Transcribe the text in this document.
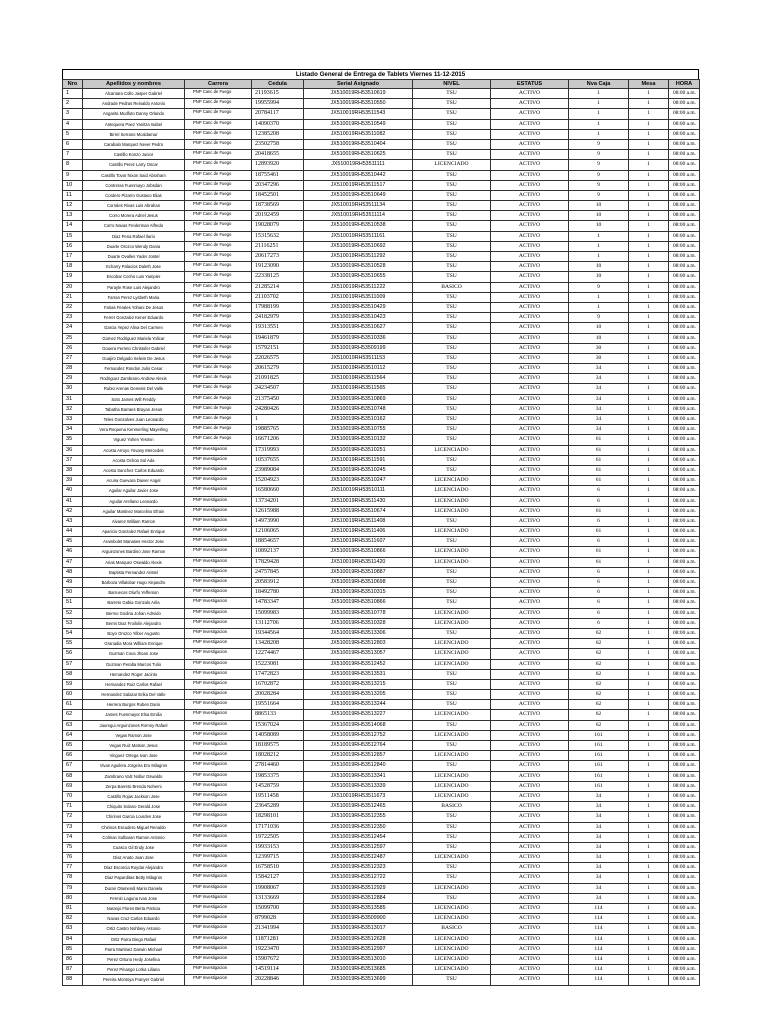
Listado General de Entrega de Tablets Viernes 11-12-2015
Nro	Apellidos y nombres	Carrera	Cedula	Serial Asignado	NIVEL	ESTATUS	Nva Caja	Mesa	HORA
1	Alcantara Collo Jasper Gabriel	PNP Canc de Fuego	21193615	JX510019RH53510619	TSU	ACTIVO	1	1	08:00 a.m.
2	Andrade Pedras Reinaldo Antonio	PNP Canc de Fuego	19955994	JX510019RH53510550	TSU	ACTIVO	1	1	08:00 a.m.
3	Angarita Mudfuto Danny Orlando	PNP Canc de Fuego	20784117	JX510019RH53511543	TSU	ACTIVO	1	1	08:00 a.m.
4	Antequera Paez Yanitza Isabel	PNP Canc de Fuego	14090370	JX510019RH53510549	TSU	ACTIVO	1	1	08:00 a.m.
5	Birrel Serrano Mcaldamar	PNP Canc de Fuego	12385208	JX510019RH53511082	TSU	ACTIVO	1	1	08:00 a.m.
6	Carabalo Marquez Never Pedro	PNP Canc de Fuego	23502758	JX510019RH53510404	TSU	ACTIVO	9	1	08:00 a.m.
7	Castillo Konzo Junior	PNP Canc de Fuego	20418655	JX510019RH53510625	TSU	ACTIVO	9	1	08:00 a.m.
8	Castillo Perez Larry Oscar	PNP Canc de Fuego	12893920	JX510019RH53511111	LICENCIADO	ACTIVO	9	1	08:00 a.m.
9	Castillo Tovar Nixon Said Abraham	PNP Canc de Fuego	18755461	JX510019RH53510442	TSU	ACTIVO	9	1	08:00 a.m.
10	Contreras Fuenmayo Jobsdan	PNP Canc de Fuego	20347296	JX510019RH53511517	TSU	ACTIVO	9	1	08:00 a.m.
11	Cordero Pizarro Gustavo Elias	PNP Canc de Fuego	18452501	JX510019RH53510649	TSU	ACTIVO	9	1	08:00 a.m.
12	Corrales Rivas Luis Abrahan	PNP Canc de Fuego	18738569	JX510019RH53511134	TSU	ACTIVO	10	1	08:00 a.m.
13	Corro Morera Adriel Jesus	PNP Canc de Fuego	20192459	JX510019RH53511114	TSU	ACTIVO	10	1	08:00 a.m.
14	Corro Navas Frederman Alfredo	PNP Canc de Fuego	19028079	JX510019RH53510538	TSU	ACTIVO	10	1	08:00 a.m.
15	Diaz Pena Rafael Ilario	PNP Canc de Fuego	15315632	JX510019RH53511161	TSU	ACTIVO	1	1	08:00 a.m.
16	Duarte Orozco Wendy Dania	PNP Canc de Fuego	21116251	JX510019RH53510692	TSU	ACTIVO	1	1	08:00 a.m.
17	Duarte Ovalles Yader Jostel	PNP Canc de Fuego	20617273	JX510019RH53511292	TSU	ACTIVO	1	1	08:00 a.m.
18	Echarry Palacios Daleth Jose	PNP Canc de Fuego	19123090	JX510019RH53510528	TSU	ACTIVO	10	1	08:00 a.m.
19	Escobar Cocho Luis Yampier	PNP Canc de Fuego	22338125	JX510019RH53510655	TSU	ACTIVO	10	1	08:00 a.m.
20	Parayle Rose Luis Alejandro	PNP Canc de Fuego	21285214	JX510019RH53511222	BASICO	ACTIVO	9	1	08:00 a.m.
21	Farran Perez Lysbeth Maria	PNP Canc de Fuego	21103702	JX510019RH53511009	TSU	ACTIVO	1	1	08:00 a.m.
22	Farias Ferales Yohani De Jesus	PNP Canc de Fuego	17988199	JX510019RH53510429	TSU	ACTIVO	1	1	08:00 a.m.
23	Ferrer Gonzalez Kener Eduardo	PNP Canc de Fuego	24182979	JX510019RH53510423	TSU	ACTIVO	9	1	08:00 a.m.
24	Garcia Yepez Alina Del Carmen	PNP Canc de Fuego	19313551	JX510019RH53510627	TSU	ACTIVO	10	1	08:00 a.m.
25	Gomez Rodriguez Mariela Yolicar	PNP Canc de Fuego	19461879	JX510019RH53510336	TSU	ACTIVO	10	1	08:00 a.m.
26	Gouera Ferreto Christofer Gabriel	PNP Canc de Fuego	15792151	JX510019RH53509199	TSU	ACTIVO	30	1	08:00 a.m.
27	Guajiro Delgado Selwin De Jesus	PNP Canc de Fuego	22026575	JX510019RH53511153	TSU	ACTIVO	30	1	08:00 a.m.
28	Fernandez Rondon Julio Cesar	PNP Canc de Fuego	20615279	JX510019RH53510112	TSU	ACTIVO	34	1	08:00 a.m.
29	Rodriguez Zambrano Andrew Alexis	PNP Canc de Fuego	21091825	JX510019RH53511564	TSU	ACTIVO	34	1	08:00 a.m.
30	Rubio Arenas Genesis Del Valle	PNP Canc de Fuego	24234507	JX510019RH53511565	TSU	ACTIVO	34	1	08:00 a.m.
31	Soto James Will Freddy	PNP Canc de Fuego	21375450	JX510019RH53510869	TSU	ACTIVO	34	1	08:00 a.m.
32	Tabatha Barraes Brayan Jesus	PNP Canc de Fuego	24280426	JX510019RH53510748	TSU	ACTIVO	34	1	08:00 a.m.
33	Teles Gonzalves Juan Leonardo	PNP Canc de Fuego	1	JX510019RH53510162	TSU	ACTIVO	34	1	08:00 a.m.
34	Vera Requena Kenmerling Mayerling	PNP Canc de Fuego	19885765	JX510019RH53510755	TSU	ACTIVO	34	1	08:00 a.m.
35	Viguez Yohen Yesmin	PNP Canc de Fuego	16671206	JX510019RH53510132	TSU	ACTIVO	61	1	08:00 a.m.
36	Acosta Arroyo Yovany Mercedes	PNP Investigacion	17319993	JX510019RH53510251	LICENCIADO	ACTIVO	61	1	08:00 a.m.
37	Acosta Ochoa Sol Ada	PNP Investigacion	10537655	JX510019RH53511591	TSU	ACTIVO	61	1	08:00 a.m.
38	Acosta Sanchez Carlos Eduardo	PNP Investigacion	23989084	JX510019RH53510245	TSU	ACTIVO	61	1	08:00 a.m.
39	Acuna Guevara Daiver Angel	PNP Investigacion	15204923	JX510019RH53510247	LICENCIADO	ACTIVO	61	1	08:00 a.m.
40	Aguilar Aguilar Javier Jose	PNP Investigacion	16580660	JX510019RH53510111	LICENCIADO	ACTIVO	6	1	08:00 a.m.
41	Aguilar Arellano Leonardo	PNP Investigacion	13734201	JX510019RH53511430	LICENCIADO	ACTIVO	6	1	08:00 a.m.
42	Aguilar Martinez Marcelino Efrain	PNP Investigacion	12615988	JX510019RH53510674	LICENCIADO	ACTIVO	61	1	08:00 a.m.
43	Alvarez William Ramon	PNP Investigacion	14973990	JX510019RH53511408	TSU	ACTIVO	6	1	08:00 a.m.
44	Aparicio Gonzalez Rafael Enrique	PNP Investigacion	12106065	JX510019RH53511406	LICENCIADO	ACTIVO	61	1	08:00 a.m.
45	Arambulet Manases Hector Jose	PNP Investigacion	18854657	JX510019RH53511607	TSU	ACTIVO	6	1	08:00 a.m.
46	Arguinzones Bardino Jose Ramon	PNP Investigacion	10892137	JX510019RH53510866	LICENCIADO	ACTIVO	61	1	08:00 a.m.
47	Arias Marquez Oswaldo Alexis	PNP Investigacion	17829428	JX510019RH53511420	LICENCIADO	ACTIVO	61	1	08:00 a.m.
48	Baptista Fernandez Aristel	PNP Investigacion	24757845	JX510019RH53510887	TSU	ACTIVO	6	1	08:00 a.m.
49	Barboza Villalobar Hugo Alejandro	PNP Investigacion	20583912	JX510019RH53510698	TSU	ACTIVO	6	1	08:00 a.m.
50	Barruecos Olurfo Yefferson	PNP Investigacion	18492780	JX510019RH53510315	TSU	ACTIVO	6	1	08:00 a.m.
51	Barreto Gabia Gonzalo Arila	PNP Investigacion	14783347	JX510019RH53510866	TSU	ACTIVO	6	1	08:00 a.m.
52	Bermo Godina Johan Adrvido	PNP Investigacion	15099983	JX510019RH53510778	LICENCIADO	ACTIVO	6	1	08:00 a.m.
53	Bermi Diaz Froilolin Alejandro	PNP Investigacion	13112706	JX510019RH53510328	LICENCIADO	ACTIVO	6	1	08:00 a.m.
54	Boyo Orozco Yilber Augusto	PNP Investigacion	19344564	JX510019RH53513306	TSU	ACTIVO	62	1	08:00 a.m.
55	Granadia Mora William Enrique	PNP Investigacion	13428208	JX510019RH53512803	LICENCIADO	ACTIVO	62	1	08:00 a.m.
56	Guzman Cova Jhoan Jose	PNP Investigacion	12274467	JX510019RH53513057	LICENCIADO	ACTIVO	62	1	08:00 a.m.
57	Guzman Peralta Marcos Tulio	PNP Investigacion	15223081	JX510019RH53512452	LICENCIADO	ACTIVO	62	1	08:00 a.m.
58	Hernandez Roger Jacinto	PNP Investigacion	17472823	JX510019RH53513531	TSU	ACTIVO	62	1	08:00 a.m.
59	Hernandez Ruiz Carlos Rafael	PNP Investigacion	16702872	JX510019RH53513215	TSU	ACTIVO	62	1	08:00 a.m.
60	Hernandez Salazar Erika Del Valle	PNP Investigacion	20028284	JX510019RH53513205	TSU	ACTIVO	62	1	08:00 a.m.
61	Herrera Burgos Ruben Dario	PNP Investigacion	19551664	JX510019RH53513244	TSU	ACTIVO	62	1	08:00 a.m.
62	James Fuenmayor Elsa Emilia	PNP Investigacion	8865133	JX510019RH53513227	LICENCIADO	ACTIVO	62	1	08:00 a.m.
63	Jauregui Arguinzones Romny Rafael	PNP Investigacion	15367024	JX510019RH53514068	TSU	ACTIVO	62	1	08:00 a.m.
64	Vegas Ramon Jose	PNP Investigacion	14058089	JX510019RH53512752	LICENCIADO	ACTIVO	161	1	08:00 a.m.
65	Vegas Ruiz Matson Jesus	PNP Investigacion	18189575	JX510019RH53512764	TSU	ACTIVO	161	1	08:00 a.m.
66	Vinguez Ortega Ivan Jose	PNP Investigacion	18028212	JX510019RH53512857	LICENCIADO	ACTIVO	161	1	08:00 a.m.
67	Vivas Aguilera Jorgeira Eru Milagros	PNP Investigacion	27814460	JX510019RH53512840	TSU	ACTIVO	161	1	08:00 a.m.
68	Zambrano Valz Nollar Oswaldo	PNP Investigacion	19853375	JX510019RH53513341	LICENCIADO	ACTIVO	161	1	08:00 a.m.
69	Zerpa Barreto Brenda Nohemi	PNP Investigacion	14528759	JX510019RH53513339	LICENCIADO	ACTIVO	161	1	08:00 a.m.
70	Castillo Rojas Jackson Jose	PNP Investigacion	19511458	JX510019RH53511673	LICENCIADO	ACTIVO	34	1	08:00 a.m.
71	Chiquito Solano Gerald Jose	PNP Investigacion	23645289	JX510019RH53512465	BASICO	ACTIVO	34	1	08:00 a.m.
72	Chirinos Garcia Lourdes Jose	PNP Investigacion	18298101	JX510019RH53512355	TSU	ACTIVO	34	1	08:00 a.m.
73	Chirinos Escudero Miguel Renaldo	PNP Investigacion	17171036	JX510019RH53512350	TSU	ACTIVO	34	1	08:00 a.m.
74	Colman Sulbaran Ramon Antonio	PNP Investigacion	19722505	JX510019RH53512454	TSU	ACTIVO	34	1	08:00 a.m.
75	Cuasco Gil Endy Jose	PNP Investigacion	19933153	JX510019RH53512597	TSU	ACTIVO	34	1	08:00 a.m.
76	Diaz Anato Juan Jose	PNP Investigacion	12399715	JX510019RH53512487	LICENCIADO	ACTIVO	34	1	08:00 a.m.
77	Diaz Escorcia Roydar Alejandro	PNP Investigacion	16758510	JX510019RH53512323	TSU	ACTIVO	34	1	08:00 a.m.
78	Diaz Paparditas Betty Milagros	PNP Investigacion	15842127	JX510019RH53512722	TSU	ACTIVO	34	1	08:00 a.m.
79	Duran Otamendi Mario Daniela	PNP Investigacion	19908067	JX510019RH53512929	LICENCIADO	ACTIVO	34	1	08:00 a.m.
80	Fermin Laguna Ivan Jose	PNP Investigacion	13133669	JX510019RH53512884	TSU	ACTIVO	34	1	08:00 a.m.
81	Naranjo Flores Berta Patricia	PNP Investigacion	15099700	JX510019RH53513585	LICENCIADO	ACTIVO	114	1	08:00 a.m.
82	Navas Cruz Carlos Eduardo	PNP Investigacion	8799028	JX510019RH53509900	LICENCIADO	ACTIVO	114	1	08:00 a.m.
83	Ortiz Castro Nohbeiy Antonio	PNP Investigacion	21341994	JX510019RH53513017	BASICO	ACTIVO	114	1	08:00 a.m.
84	Ortiz Parra Diego Rafael	PNP Investigacion	11871281	JX510019RH53512628	LICENCIADO	ACTIVO	114	1	08:00 a.m.
85	Parra Martinez Darwin Michael	PNP Investigacion	19223470	JX510019RH53512997	LICENCIADO	ACTIVO	114	1	08:00 a.m.
86	Perez Ortuno Hedy Josefina	PNP Investigacion	15907672	JX510019RH53513010	LICENCIADO	ACTIVO	114	1	08:00 a.m.
87	Perez Pinango Lorka Liliana	PNP Investigacion	14519114	JX510019RH53513685	LICENCIADO	ACTIVO	114	1	08:00 a.m.
88	Pereira Montoya Franyer Gabriel	PNP Investigacion	20228846	JX510019RH53513699	TSU	ACTIVO	114	1	08:00 a.m.
